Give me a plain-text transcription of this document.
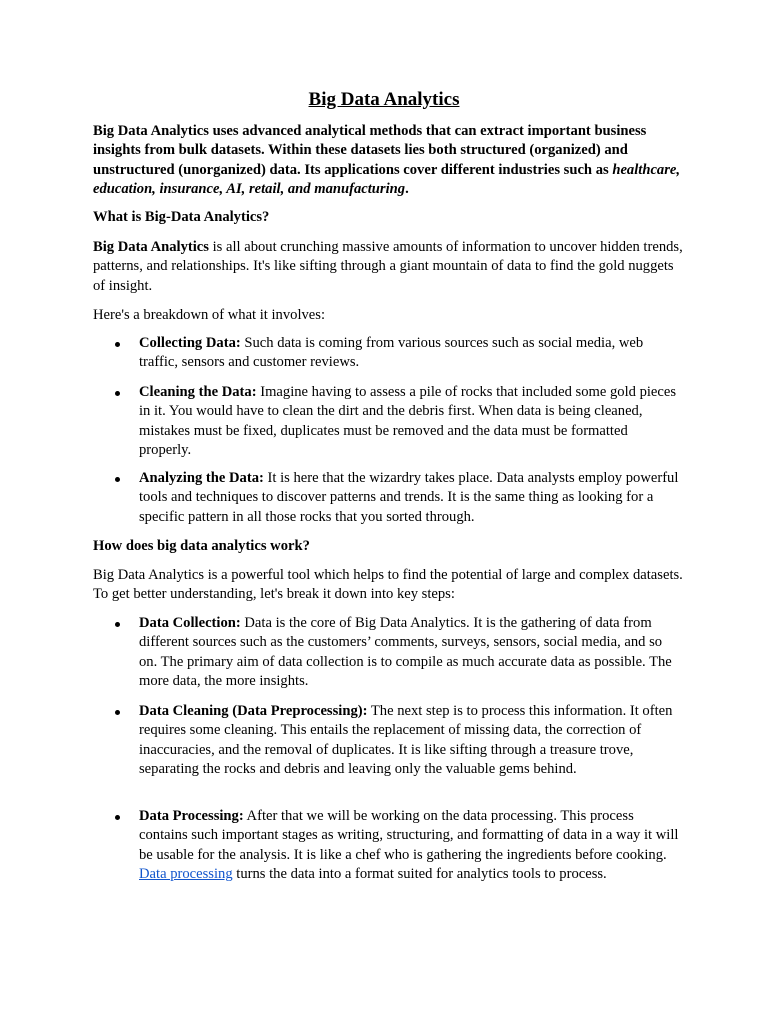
Big Data Analytics

Big Data Analytics uses advanced analytical methods that can extract important business insights from bulk datasets. Within these datasets lies both structured (organized) and unstructured (unorganized) data. Its applications cover different industries such as healthcare, education, insurance, AI, retail, and manufacturing.

What is Big-Data Analytics?

Big Data Analytics is all about crunching massive amounts of information to uncover hidden trends, patterns, and relationships. It's like sifting through a giant mountain of data to find the gold nuggets of insight.

Here's a breakdown of what it involves:

Collecting Data: Such data is coming from various sources such as social media, web traffic, sensors and customer reviews.
Cleaning the Data: Imagine having to assess a pile of rocks that included some gold pieces in it. You would have to clean the dirt and the debris first. When data is being cleaned, mistakes must be fixed, duplicates must be removed and the data must be formatted properly.
Analyzing the Data: It is here that the wizardry takes place. Data analysts employ powerful tools and techniques to discover patterns and trends. It is the same thing as looking for a specific pattern in all those rocks that you sorted through.

How does big data analytics work?

Big Data Analytics is a powerful tool which helps to find the potential of large and complex datasets. To get better understanding, let's break it down into key steps:

Data Collection: Data is the core of Big Data Analytics. It is the gathering of data from different sources such as the customers’ comments, surveys, sensors, social media, and so on. The primary aim of data collection is to compile as much accurate data as possible. The more data, the more insights.
Data Cleaning (Data Preprocessing): The next step is to process this information. It often requires some cleaning. This entails the replacement of missing data, the correction of inaccuracies, and the removal of duplicates. It is like sifting through a treasure trove, separating the rocks and debris and leaving only the valuable gems behind.
Data Processing: After that we will be working on the data processing. This process contains such important stages as writing, structuring, and formatting of data in a way it will be usable for the analysis. It is like a chef who is gathering the ingredients before cooking. Data processing turns the data into a format suited for analytics tools to process.
